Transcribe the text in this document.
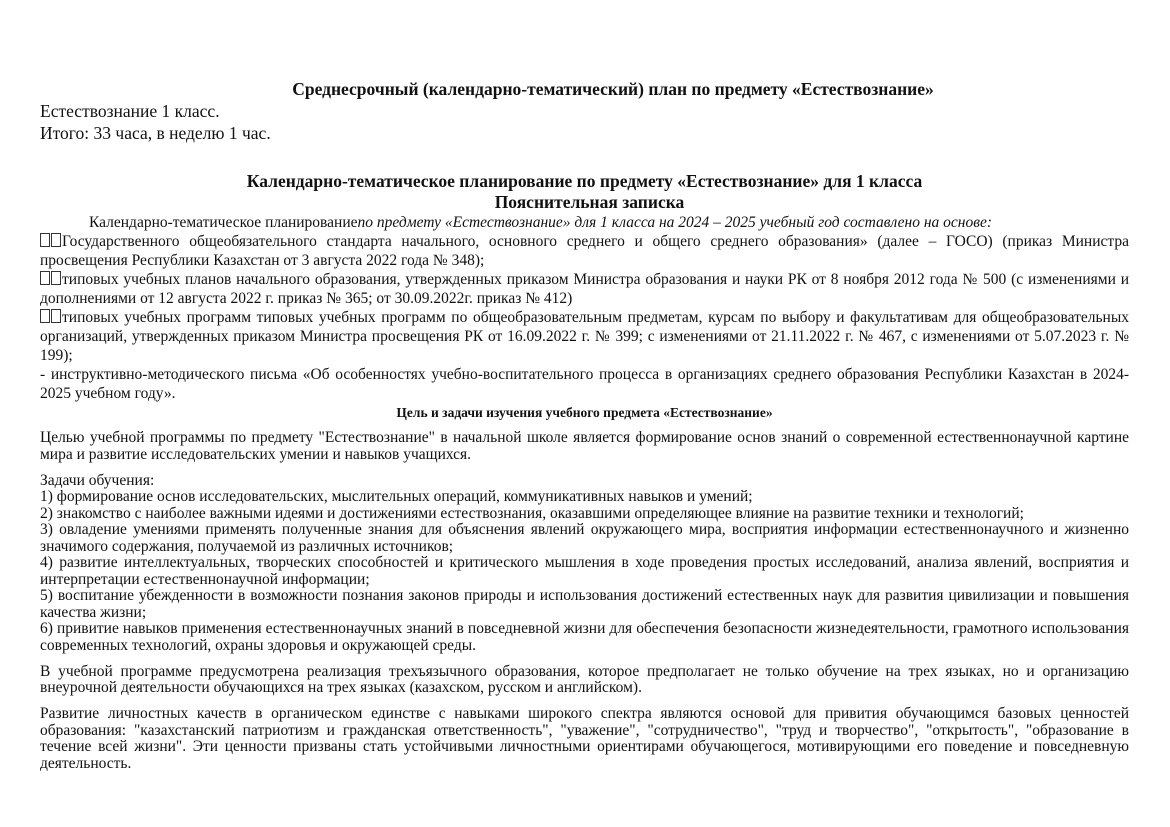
Среднесрочный (календарно-тематический) план по предмету «Естествознание»

Естествознание 1 класс.

Итого: 33 часа, в неделю 1 час.

Календарно-тематическое планирование по предмету «Естествознание» для 1 класса

Пояснительная записка

Календарно-тематическое планированиепо предмету «Естествознание» для 1 класса на 2024 – 2025 учебный год составлено на основе:

Государственного общеобязательного стандарта начального, основного среднего и общего среднего образования» (далее – ГОСО) (приказ Министра просвещения Республики Казахстан от 3 августа 2022 года № 348);

типовых учебных планов начального образования, утвержденных приказом Министра образования и науки РК от 8 ноября 2012 года № 500 (с изменениями и дополнениями от 12 августа 2022 г. приказ № 365; от 30.09.2022г. приказ № 412)

типовых учебных программ типовых учебных программ по общеобразовательным предметам, курсам по выбору и факультативам для общеобразовательных организаций, утвержденных приказом Министра просвещения РК от 16.09.2022 г. № 399; с изменениями от 21.11.2022 г. № 467, с изменениями от 5.07.2023 г. № 199);

- инструктивно-методического письма «Об особенностях учебно-воспитательного процесса в организациях среднего образования Республики Казахстан в 2024-2025 учебном году».

Цель и задачи изучения учебного предмета «Естествознание»

Целью учебной программы по предмету "Естествознание" в начальной школе является формирование основ знаний о современной естественнонаучной картине мира и развитие исследовательских умении и навыков учащихся.

Задачи обучения:

1) формирование основ исследовательских, мыслительных операций, коммуникативных навыков и умений;

2) знакомство с наиболее важными идеями и достижениями естествознания, оказавшими определяющее влияние на развитие техники и технологий;

3) овладение умениями применять полученные знания для объяснения явлений окружающего мира, восприятия информации естественнонаучного и жизненно значимого содержания, получаемой из различных источников;

4) развитие интеллектуальных, творческих способностей и критического мышления в ходе проведения простых исследований, анализа явлений, восприятия и интерпретации естественнонаучной информации;

5) воспитание убежденности в возможности познания законов природы и использования достижений естественных наук для развития цивилизации и повышения качества жизни;

6) привитие навыков применения естественнонаучных знаний в повседневной жизни для обеспечения безопасности жизнедеятельности, грамотного использования современных технологий, охраны здоровья и окружающей среды.

В учебной программе предусмотрена реализация трехъязычного образования, которое предполагает не только обучение на трех языках, но и организацию внеурочной деятельности обучающихся на трех языках (казахском, русском и английском).

Развитие личностных качеств в органическом единстве с навыками широкого спектра являются основой для привития обучающимся базовых ценностей образования: "казахстанский патриотизм и гражданская ответственность", "уважение", "сотрудничество", "труд и творчество", "открытость", "образование в течение всей жизни". Эти ценности призваны стать устойчивыми личностными ориентирами обучающегося, мотивирующими его поведение и повседневную деятельность.
